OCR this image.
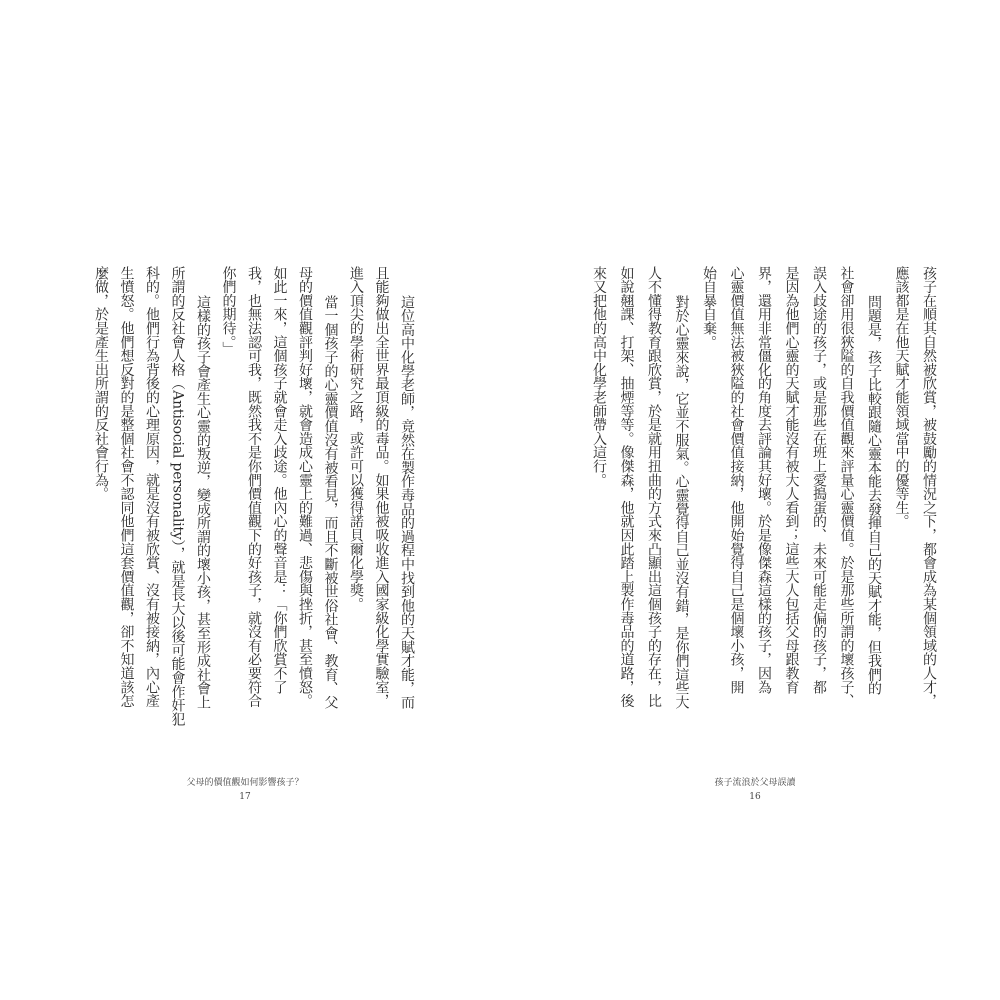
這位高中化學老師，竟然在製作毒品的過程中找到他的天賦才能，而
且能夠做出全世界最頂級的毒品。如果他被吸收進入國家級化學實驗室，
進入頂尖的學術研究之路，或許可以獲得諾貝爾化學獎。
當一個孩子的心靈價值沒有被看見，而且不斷被世俗社會、教育、父
母的價值觀評判好壞，就會造成心靈上的難過、悲傷與挫折，甚至憤怒。
如此一來，這個孩子就會走入歧途。他內心的聲音是：「你們欣賞不了
我，也無法認可我，既然我不是你們價值觀下的好孩子，就沒有必要符合
你們的期待。」
這樣的孩子會產生心靈的叛逆，變成所謂的壞小孩，甚至形成社會上
所謂的反社會人格（Antisocial personality），就是長大以後可能會作奸犯
科的。他們行為背後的心理原因，就是沒有被欣賞、沒有被接納，內心產
生憤怒。他們想反對的是整個社會不認同他們這套價值觀，卻不知道該怎
麼做，於是產生出所謂的反社會行為。
父母的價值觀如何影響孩子？
17
孩子在順其自然被欣賞，被鼓勵的情況之下，都會成為某個領域的人才，
應該都是在他天賦才能領域當中的優等生。
問題是，孩子比較跟隨心靈本能去發揮自己的天賦才能，但我們的
社會卻用很狹隘的自我價值觀來評量心靈價值。於是那些所謂的壞孩子、
誤入歧途的孩子，或是那些在班上愛搗蛋的、未來可能走偏的孩子，都
是因為他們心靈的天賦才能沒有被大人看到；這些大人包括父母跟教育
界，還用非常僵化的角度去評論其好壞。於是像傑森這樣的孩子，因為
心靈價值無法被狹隘的社會價值接納，他開始覺得自己是個壞小孩，開
始自暴自棄。
對於心靈來說，它並不服氣。心靈覺得自己並沒有錯，是你們這些大
人不懂得教育跟欣賞，於是就用扭曲的方式來凸顯出這個孩子的存在，比
如說翹課、打架、抽煙等等。像傑森，他就因此踏上製作毒品的道路，後
來又把他的高中化學老師帶入這行。
孩子流浪於父母誤讀
16
